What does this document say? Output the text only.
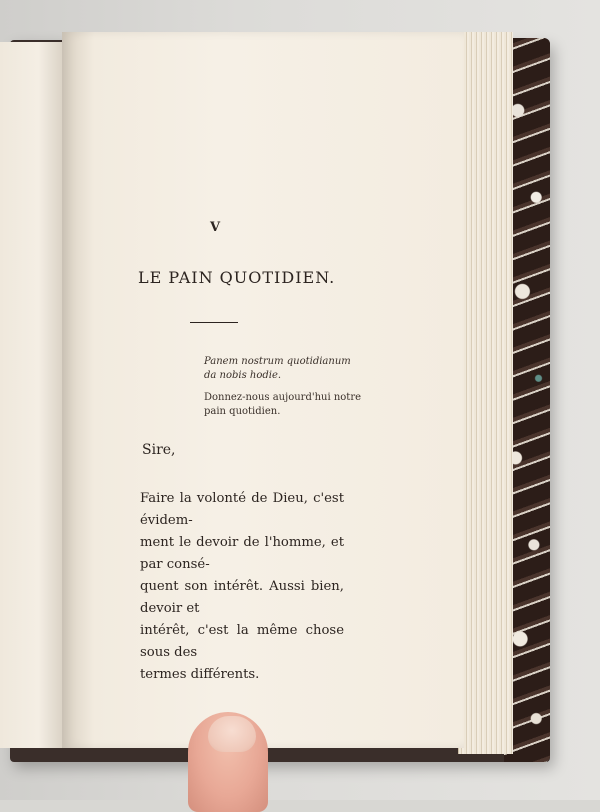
V
LE PAIN QUOTIDIEN.
Panem nostrum quotidianum
da nobis hodie.
Donnez-nous aujourd'hui notre
pain quotidien.
Sire,
Faire la volonté de Dieu, c'est évidem-
ment le devoir de l'homme, et par consé-
quent son intérêt. Aussi bien, devoir et
intérêt, c'est la même chose sous des
termes différents.
